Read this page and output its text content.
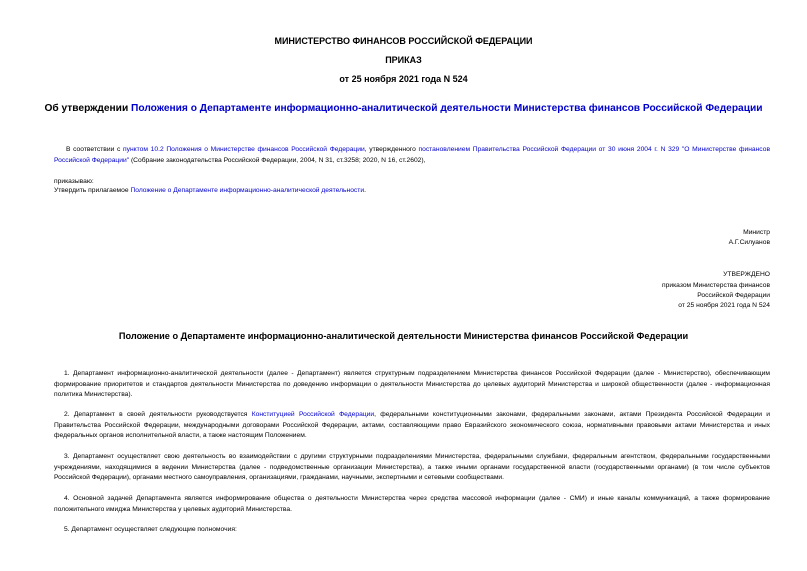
МИНИСТЕРСТВО ФИНАНСОВ РОССИЙСКОЙ ФЕДЕРАЦИИ
ПРИКАЗ
от 25 ноября 2021 года N 524
Об утверждении Положения о Департаменте информационно-аналитической деятельности Министерства финансов Российской Федерации
В соответствии с пунктом 10.2 Положения о Министерстве финансов Российской Федерации, утвержденного постановлением Правительства Российской Федерации от 30 июня 2004 г. N 329 "О Министерстве финансов Российской Федерации" (Собрание законодательства Российской Федерации, 2004, N 31, ст.3258; 2020, N 16, ст.2602),
приказываю:
Утвердить прилагаемое Положение о Департаменте информационно-аналитической деятельности.
Министр
А.Г.Силуанов
УТВЕРЖДЕНО
приказом Министерства финансов
Российской Федерации
от 25 ноября 2021 года N 524
Положение о Департаменте информационно-аналитической деятельности Министерства финансов Российской Федерации
1. Департамент информационно-аналитической деятельности (далее - Департамент) является структурным подразделением Министерства финансов Российской Федерации (далее - Министерство), обеспечивающим формирование приоритетов и стандартов деятельности Министерства по доведению информации о деятельности Министерства до целевых аудиторий Министерства и широкой общественности (далее - информационная политика Министерства).
2. Департамент в своей деятельности руководствуется Конституцией Российской Федерации, федеральными конституционными законами, федеральными законами, актами Президента Российской Федерации и Правительства Российской Федерации, международными договорами Российской Федерации, актами, составляющими право Евразийского экономического союза, нормативными правовыми актами Министерства и иных федеральных органов исполнительной власти, а также настоящим Положением.
3. Департамент осуществляет свою деятельность во взаимодействии с другими структурными подразделениями Министерства, федеральными службами, федеральным агентством, федеральными государственными учреждениями, находящимися в ведении Министерства (далее - подведомственные организации Министерства), а также иными органами государственной власти (государственными органами) (в том числе субъектов Российской Федерации), органами местного самоуправления, организациями, гражданами, научными, экспертными и сетевыми сообществами.
4. Основной задачей Департамента является информирование общества о деятельности Министерства через средства массовой информации (далее - СМИ) и иные каналы коммуникаций, а также формирование положительного имиджа Министерства у целевых аудиторий Министерства.
5. Департамент осуществляет следующие полномочия:
